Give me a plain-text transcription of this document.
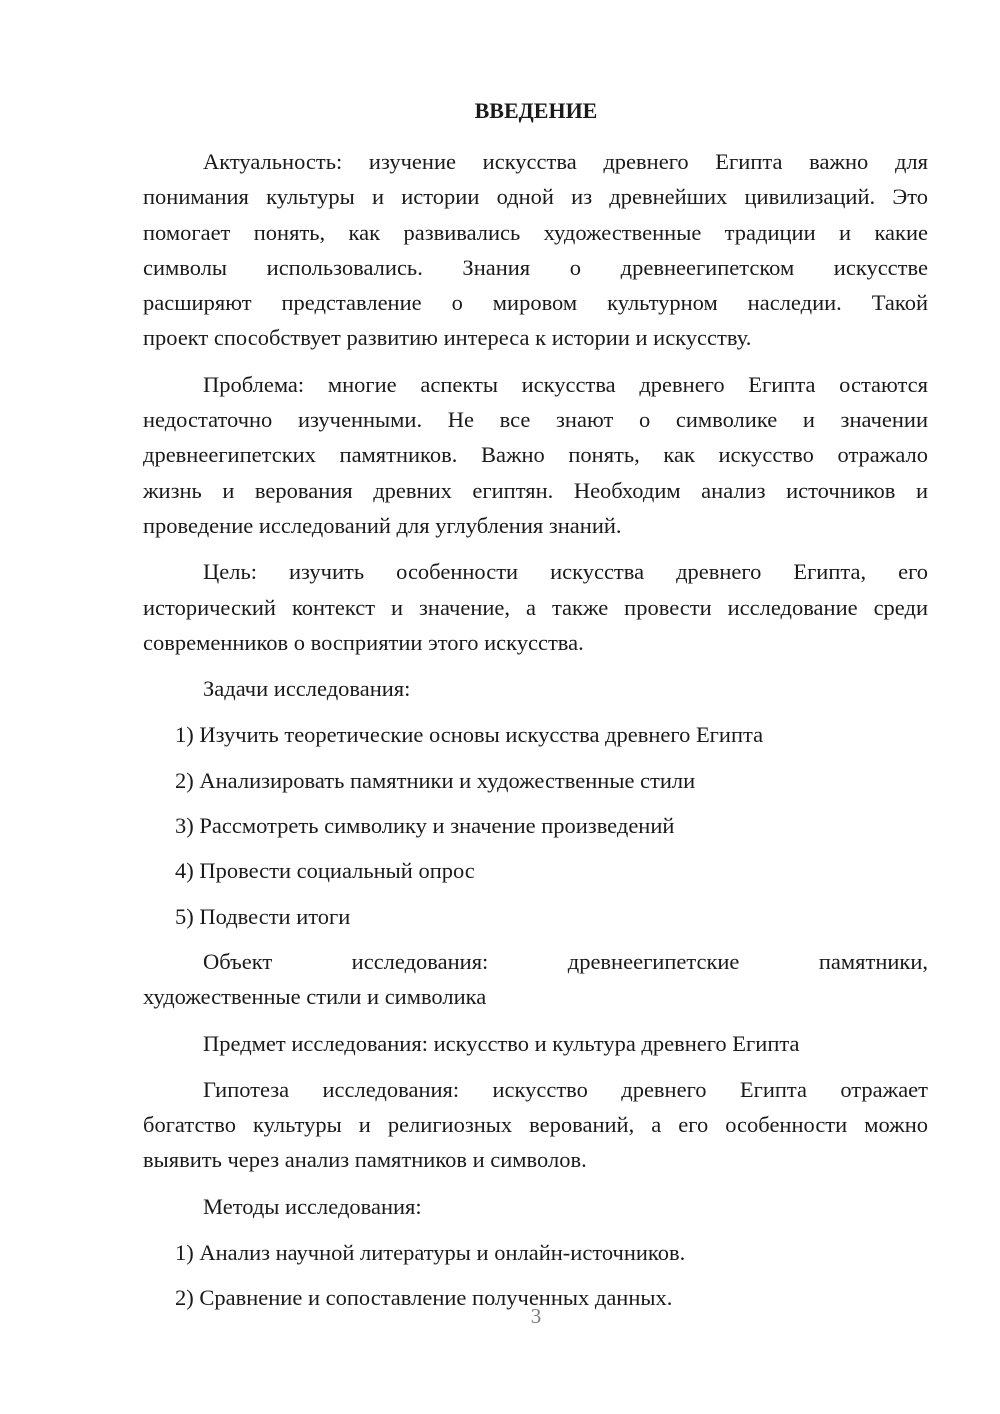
ВВЕДЕНИЕ
Актуальность: изучение искусства древнего Египта важно для
понимания культуры и истории одной из древнейших цивилизаций. Это
помогает понять, как развивались художественные традиции и какие
символы использовались. Знания о древнеегипетском искусстве
расширяют представление о мировом культурном наследии. Такой
проект способствует развитию интереса к истории и искусству.
Проблема: многие аспекты искусства древнего Египта остаются
недостаточно изученными. Не все знают о символике и значении
древнеегипетских памятников. Важно понять, как искусство отражало
жизнь и верования древних египтян. Необходим анализ источников и
проведение исследований для углубления знаний.
Цель: изучить особенности искусства древнего Египта, его
исторический контекст и значение, а также провести исследование среди
современников о восприятии этого искусства.
Задачи исследования:
1) Изучить теоретические основы искусства древнего Египта
2) Анализировать памятники и художественные стили
3) Рассмотреть символику и значение произведений
4) Провести социальный опрос
5) Подвести итоги
Объект исследования: древнеегипетские памятники,
художественные стили и символика
Предмет исследования: искусство и культура древнего Египта
Гипотеза исследования: искусство древнего Египта отражает
богатство культуры и религиозных верований, а его особенности можно
выявить через анализ памятников и символов.
Методы исследования:
1) Анализ научной литературы и онлайн-источников.
2) Сравнение и сопоставление полученных данных.
3
